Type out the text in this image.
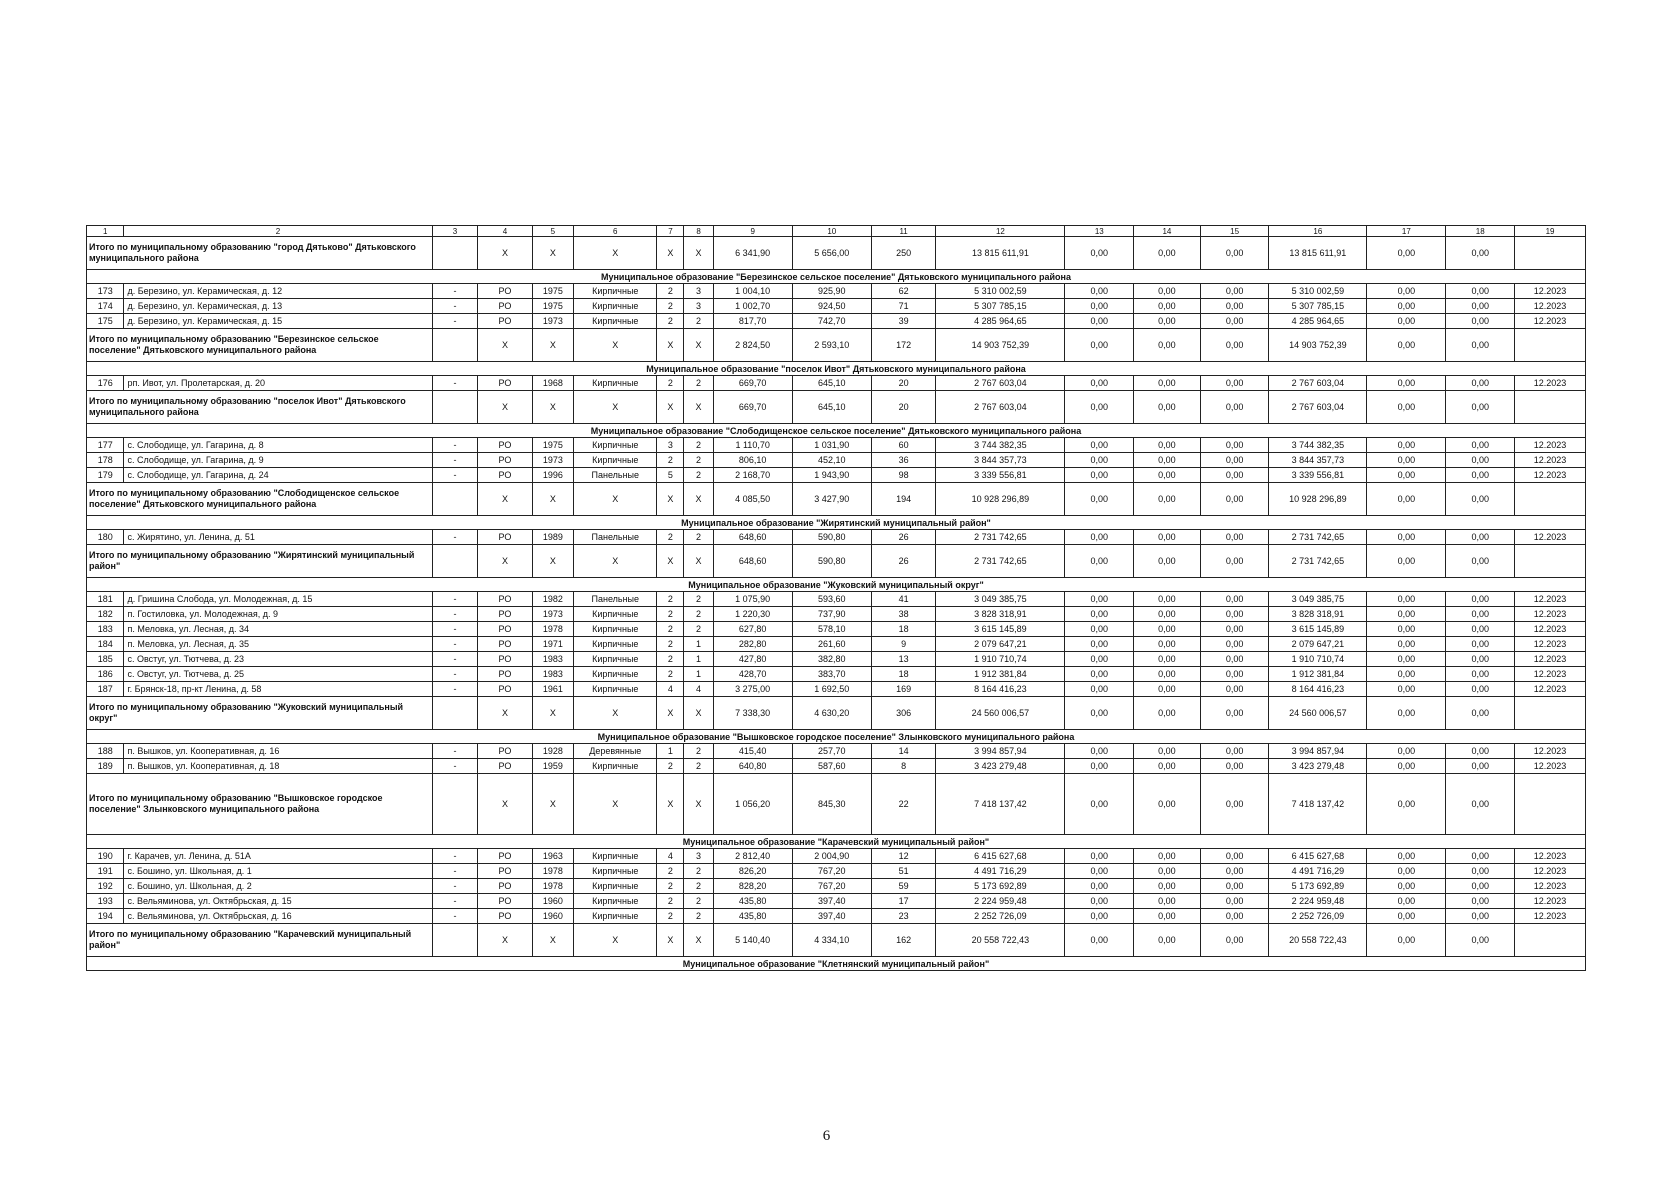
1	2	3	4	5	6	7	8	9	10	11	12	13	14	15	16	17	18	19
Итого по муниципальному образованию "город Дятьково" Дятьковского муниципального района			X	X	X	X	X	6 341,90	5 656,00	250	13 815 611,91	0,00	0,00	0,00	13 815 611,91	0,00	0,00	
Муниципальное образование "Березинское сельское поселение" Дятьковского муниципального района																		
173	д. Березино, ул. Керамическая, д. 12	-	РО	1975	Кирпичные	2	3	1 004,10	925,90	62	5 310 002,59	0,00	0,00	0,00	5 310 002,59	0,00	0,00	12.2023
174	д. Березино, ул. Керамическая, д. 13	-	РО	1975	Кирпичные	2	3	1 002,70	924,50	71	5 307 785,15	0,00	0,00	0,00	5 307 785,15	0,00	0,00	12.2023
175	д. Березино, ул. Керамическая, д. 15	-	РО	1973	Кирпичные	2	2	817,70	742,70	39	4 285 964,65	0,00	0,00	0,00	4 285 964,65	0,00	0,00	12.2023
Итого по муниципальному образованию "Березинское сельское поселение" Дятьковского муниципального района			X	X	X	X	X	2 824,50	2 593,10	172	14 903 752,39	0,00	0,00	0,00	14 903 752,39	0,00	0,00	
Муниципальное образование "поселок Ивот" Дятьковского муниципального района																		
176	рп. Ивот, ул. Пролетарская, д. 20	-	РО	1968	Кирпичные	2	2	669,70	645,10	20	2 767 603,04	0,00	0,00	0,00	2 767 603,04	0,00	0,00	12.2023
Итого по муниципальному образованию "поселок Ивот" Дятьковского муниципального района			X	X	X	X	X	669,70	645,10	20	2 767 603,04	0,00	0,00	0,00	2 767 603,04	0,00	0,00	
Муниципальное образование "Слободищенское сельское поселение" Дятьковского муниципального района																		
177	с. Слободище, ул. Гагарина, д. 8	-	РО	1975	Кирпичные	3	2	1 110,70	1 031,90	60	3 744 382,35	0,00	0,00	0,00	3 744 382,35	0,00	0,00	12.2023
178	с. Слободище, ул. Гагарина, д. 9	-	РО	1973	Кирпичные	2	2	806,10	452,10	36	3 844 357,73	0,00	0,00	0,00	3 844 357,73	0,00	0,00	12.2023
179	с. Слободище, ул. Гагарина, д. 24	-	РО	1996	Панельные	5	2	2 168,70	1 943,90	98	3 339 556,81	0,00	0,00	0,00	3 339 556,81	0,00	0,00	12.2023
Итого по муниципальному образованию "Слободищенское сельское поселение" Дятьковского муниципального района			X	X	X	X	X	4 085,50	3 427,90	194	10 928 296,89	0,00	0,00	0,00	10 928 296,89	0,00	0,00	
Муниципальное образование "Жирятинский муниципальный район"																		
180	с. Жирятино, ул. Ленина, д. 51	-	РО	1989	Панельные	2	2	648,60	590,80	26	2 731 742,65	0,00	0,00	0,00	2 731 742,65	0,00	0,00	12.2023
Итого по муниципальному образованию "Жирятинский муниципальный район"			X	X	X	X	X	648,60	590,80	26	2 731 742,65	0,00	0,00	0,00	2 731 742,65	0,00	0,00	
Муниципальное образование "Жуковский муниципальный округ"																		
181	д. Гришина Слобода, ул. Молодежная, д. 15	-	РО	1982	Панельные	2	2	1 075,90	593,60	41	3 049 385,75	0,00	0,00	0,00	3 049 385,75	0,00	0,00	12.2023
182	п. Гостиловка, ул. Молодежная, д. 9	-	РО	1973	Кирпичные	2	2	1 220,30	737,90	38	3 828 318,91	0,00	0,00	0,00	3 828 318,91	0,00	0,00	12.2023
183	п. Меловка, ул. Лесная, д. 34	-	РО	1978	Кирпичные	2	2	627,80	578,10	18	3 615 145,89	0,00	0,00	0,00	3 615 145,89	0,00	0,00	12.2023
184	п. Меловка, ул. Лесная, д. 35	-	РО	1971	Кирпичные	2	1	282,80	261,60	9	2 079 647,21	0,00	0,00	0,00	2 079 647,21	0,00	0,00	12.2023
185	с. Овстуг, ул. Тютчева, д. 23	-	РО	1983	Кирпичные	2	1	427,80	382,80	13	1 910 710,74	0,00	0,00	0,00	1 910 710,74	0,00	0,00	12.2023
186	с. Овстуг, ул. Тютчева, д. 25	-	РО	1983	Кирпичные	2	1	428,70	383,70	18	1 912 381,84	0,00	0,00	0,00	1 912 381,84	0,00	0,00	12.2023
187	г. Брянск-18, пр-кт Ленина, д. 58	-	РО	1961	Кирпичные	4	4	3 275,00	1 692,50	169	8 164 416,23	0,00	0,00	0,00	8 164 416,23	0,00	0,00	12.2023
Итого по муниципальному образованию "Жуковский муниципальный округ"			X	X	X	X	X	7 338,30	4 630,20	306	24 560 006,57	0,00	0,00	0,00	24 560 006,57	0,00	0,00	
Муниципальное образование "Вышковское городское поселение" Злынковского муниципального района																		
188	п. Вышков, ул. Кооперативная, д. 16	-	РО	1928	Деревянные	1	2	415,40	257,70	14	3 994 857,94	0,00	0,00	0,00	3 994 857,94	0,00	0,00	12.2023
189	п. Вышков, ул. Кооперативная, д. 18	-	РО	1959	Кирпичные	2	2	640,80	587,60	8	3 423 279,48	0,00	0,00	0,00	3 423 279,48	0,00	0,00	12.2023
Итого по муниципальному образованию "Вышковское городское поселение" Злынковского муниципального района			X	X	X	X	X	1 056,20	845,30	22	7 418 137,42	0,00	0,00	0,00	7 418 137,42	0,00	0,00	
Муниципальное образование "Карачевский муниципальный район"																		
190	г. Карачев, ул. Ленина, д. 51А	-	РО	1963	Кирпичные	4	3	2 812,40	2 004,90	12	6 415 627,68	0,00	0,00	0,00	6 415 627,68	0,00	0,00	12.2023
191	с. Бошино, ул. Школьная, д. 1	-	РО	1978	Кирпичные	2	2	826,20	767,20	51	4 491 716,29	0,00	0,00	0,00	4 491 716,29	0,00	0,00	12.2023
192	с. Бошино, ул. Школьная, д. 2	-	РО	1978	Кирпичные	2	2	828,20	767,20	59	5 173 692,89	0,00	0,00	0,00	5 173 692,89	0,00	0,00	12.2023
193	с. Вельяминова, ул. Октябрьская, д. 15	-	РО	1960	Кирпичные	2	2	435,80	397,40	17	2 224 959,48	0,00	0,00	0,00	2 224 959,48	0,00	0,00	12.2023
194	с. Вельяминова, ул. Октябрьская, д. 16	-	РО	1960	Кирпичные	2	2	435,80	397,40	23	2 252 726,09	0,00	0,00	0,00	2 252 726,09	0,00	0,00	12.2023
Итого по муниципальному образованию "Карачевский муниципальный район"			X	X	X	X	X	5 140,40	4 334,10	162	20 558 722,43	0,00	0,00	0,00	20 558 722,43	0,00	0,00	
Муниципальное образование "Клетнянский муниципальный район"																		
6
